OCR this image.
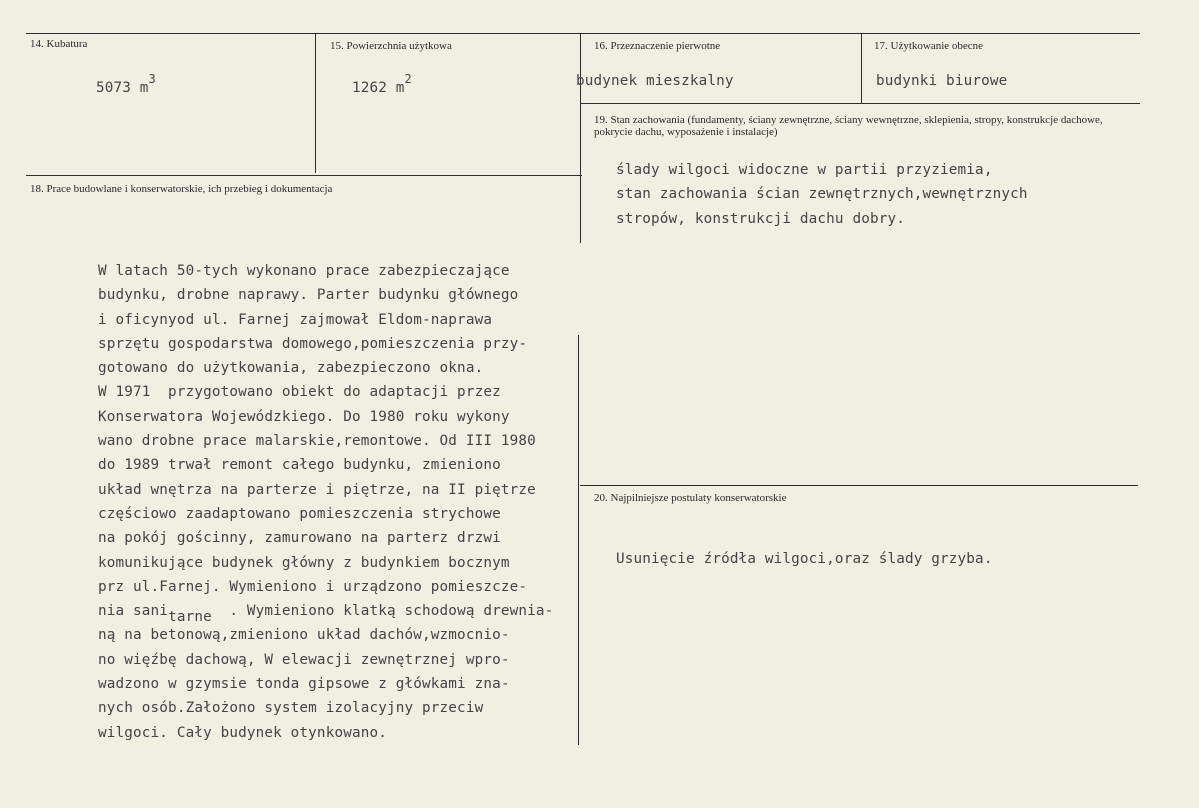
14. Kubatura
5073 $m^3$
15. Powierzchnia użytkowa
1262 $m^2$
16. Przeznaczenie pierwotne
budynek mieszkalny
17. Użytkowanie obecne
budynki biurowe
19. Stan zachowania (fundamenty, ściany zewnętrzne, ściany wewnętrzne, sklepienia, stropy, konstrukcje dachowe, pokrycie dachu, wyposażenie i instalacje)
ślady wilgoci widoczne w partii przyziemia,
stan zachowania ścian zewnętrznych,wewnętrznych
stropów, konstrukcji dachu dobry.
18. Prace budowlane i konserwatorskie, ich przebieg i dokumentacja
W latach 50-tych wykonano prace zabezpieczające
budynku, drobne naprawy. Parter budynku głównego
i oficynyod ul. Farnej zajmował Eldom-naprawa
sprzętu gospodarstwa domowego,pomieszczenia przy-
gotowano do użytkowania, zabezpieczono okna.
W 1971  przygotowano obiekt do adaptacji przez
Konserwatora Wojewódzkiego. Do 1980 roku wykony
wano drobne prace malarskie,remontowe. Od III 1980
do 1989 trwał remont całego budynku, zmieniono
układ wnętrza na parterze i piętrze, na II piętrze
częściowo zaadaptowano pomieszczenia strychowe
na pokój gościnny, zamurowano na parterz drzwi
komunikujące budynek główny z budynkiem bocznym
prz ul.Farnej. Wymieniono i urządzono pomieszcze-
nia sanitarne  . Wymieniono klatką schodową drewnia-
ną na betonową,zmieniono układ dachów,wzmocnio-
no więźbę dachową, W elewacji zewnętrznej wpro-
wadzono w gzymsie tonda gipsowe z główkami zna-
nych osób.Założono system izolacyjny przeciw
wilgoci. Cały budynek otynkowano.
20. Najpilniejsze postulaty konserwatorskie
Usunięcie źródła wilgoci,oraz ślady grzyba.
